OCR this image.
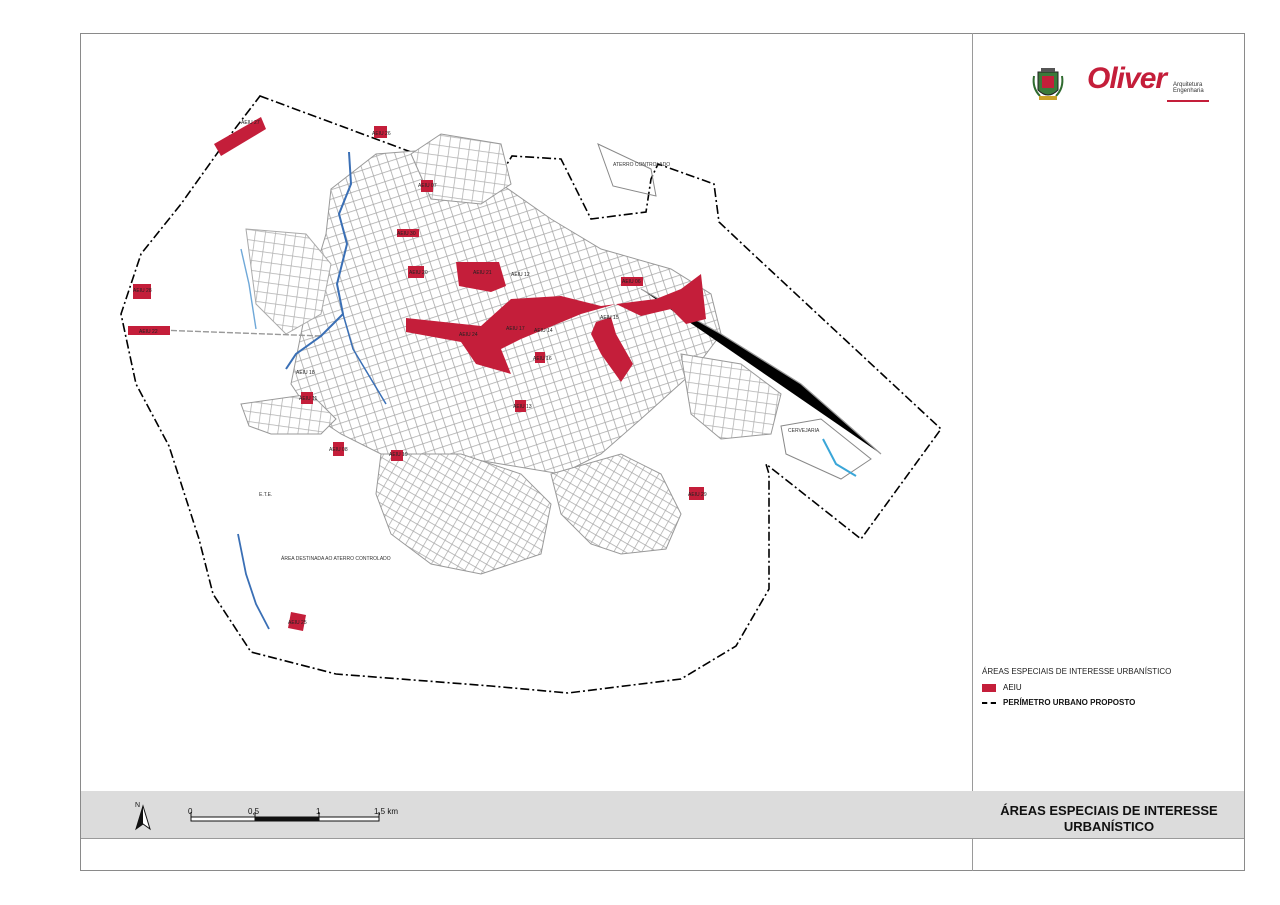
ATERRO CONTROLADO
CERVEJARIA
E.T.E.
ÁREA DESTINADA AO ATERRO CONTROLADO
AEIU 27
AEIU 26
AEIU 07
AEIU 20	AEIU 21	AEIU 12
AEIU 28
AEIU 22	AEIU 24
AEIU 14
AEIU 15
AEIU 16
AEIU 11
AEIU 13
AEIU 08
AEIU 19
AEIU 29
AEIU 25
AEIU 30
AEIU 06
AEIU 17
AEIU 18
N
0	0,5	1	1,5 km	ÁREAS ESPECIAIS DE INTERESSE URBANÍSTICO
ÁREAS ESPECIAIS DE INTERESSE URBANÍSTICO
AEIU
PERÍMETRO URBANO PROPOSTO
Oliver Arquitetura
Engenharia
